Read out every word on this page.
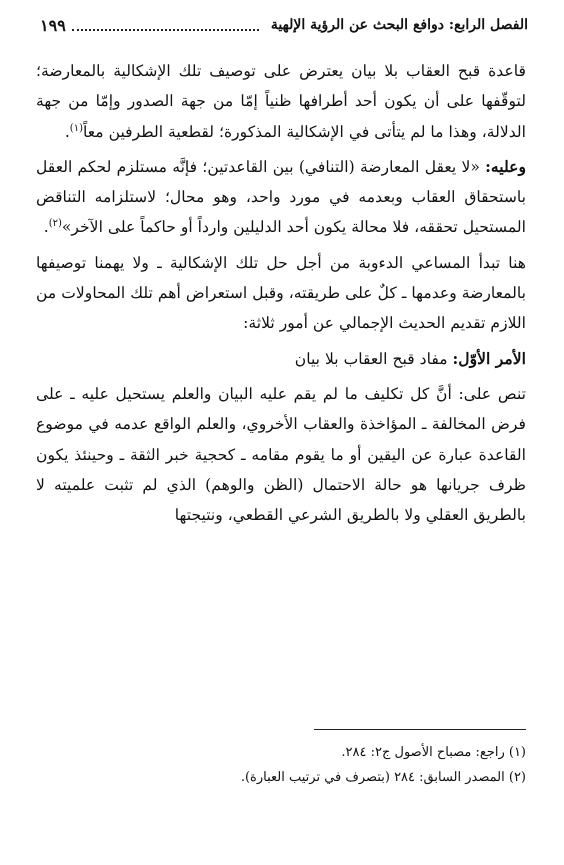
الفصل الرابع: دوافع البحث عن الرؤية الإلهية
١٩٩

قاعدة قبح العقاب بلا بيان يعترض على توصيف تلك الإشكالية بالمعارضة؛ لتوقّفها على أن يكون أحد أطرافها ظنياً إمّا من جهة الصدور وإمّا من جهة الدلالة، وهذا ما لم يتأتى في الإشكالية المذكورة؛ لقطعية الطرفين معاً$^{(١)}$.

وعليه: «لا يعقل المعارضة (التنافي) بين القاعدتين؛ فإنَّه مستلزم لحكم العقل باستحقاق العقاب وبعدمه في مورد واحد، وهو محال؛ لاستلزامه التناقض المستحيل تحققه، فلا محالة يكون أحد الدليلين وارداً أو حاكماً على الآخر»$^{(٢)}$.

هنا تبدأ المساعي الدءوبة من أجل حل تلك الإشكالية ـ ولا يهمنا توصيفها بالمعارضة وعدمها ـ كلٌ على طريقته، وقبل استعراض أهم تلك المحاولات من اللازم تقديم الحديث الإجمالي عن أمور ثلاثة:

الأمر الأوّل: مفاد قبح العقاب بلا بيان

تنص على: أنَّ كل تكليف ما لم يقم عليه البيان والعلم يستحيل عليه ـ على فرض المخالفة ـ المؤاخذة والعقاب الأخروي، والعلم الواقع عدمه في موضوع القاعدة عبارة عن اليقين أو ما يقوم مقامه ـ كحجية خبر الثقة ـ وحينئذ يكون ظرف جريانها هو حالة الاحتمال (الظن والوهم) الذي لم تثبت علميته لا بالطريق العقلي ولا بالطريق الشرعي القطعي، ونتيجتها

(١) راجع: مصباح الأصول ج٢: ٢٨٤.
(٢) المصدر السابق: ٢٨٤ (بتصرف في ترتيب العبارة).
